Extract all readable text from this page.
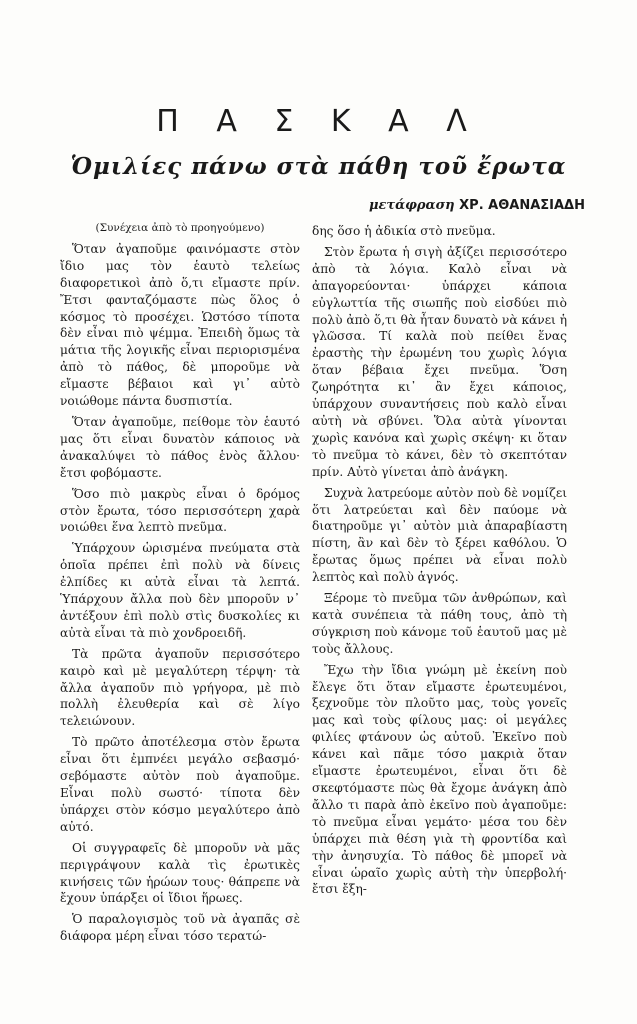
Π Α Σ Κ Α Λ
Ὁμιλίες πάνω στὰ πάθη τοῦ ἔρωτα
μετάφραση ΧΡ. ΑΘΑΝΑΣΙΑΔΗ

(Συνέχεια ἀπὸ τὸ προηγούμενο)

Ὅταν ἀγαποῦμε φαινόμαστε στὸν ἴδιο μας τὸν ἑαυτὸ τελείως διαφορετικοὶ ἀπὸ ὅ,τι εἴμαστε πρίν. Ἔτσι φανταζόμαστε πὼς ὅλος ὁ κόσμος τὸ προσέχει. Ὡστόσο τίποτα δὲν εἶναι πιὸ ψέμμα. Ἐπειδὴ ὅμως τὰ μάτια τῆς λογικῆς εἶναι περιορισμένα ἀπὸ τὸ πάθος, δὲ μποροῦμε νὰ εἴμαστε βέβαιοι καὶ γι᾽ αὐτὸ νοιώθομε πάντα δυσπιστία.

Ὅταν ἀγαποῦμε, πείθομε τὸν ἑαυτό μας ὅτι εἶναι δυνατὸν κάποιος νὰ ἀνακαλύψει τὸ πάθος ἑνὸς ἄλλου· ἔτσι φοβόμαστε.

Ὅσο πιὸ μακρὺς εἶναι ὁ δρόμος στὸν ἔρωτα, τόσο περισσότερη χαρὰ νοιώθει ἕνα λεπτὸ πνεῦμα.

Ὑπάρχουν ὡρισμένα πνεύματα στὰ ὁποῖα πρέπει ἐπὶ πολὺ νὰ δίνεις ἐλπίδες κι αὐτὰ εἶναι τὰ λεπτά. Ὑπάρχουν ἄλλα ποὺ δὲν μποροῦν ν᾽ ἀντέξουν ἐπὶ πολὺ στὶς δυσκολίες κι αὐτὰ εἶναι τὰ πιὸ χονδροειδῆ.

Τὰ πρῶτα ἀγαποῦν περισσότερο καιρὸ καὶ μὲ μεγαλύτερη τέρψη· τὰ ἄλλα ἀγαποῦν πιὸ γρήγορα, μὲ πιὸ πολλὴ ἐλευθερία καὶ σὲ λίγο τελειώνουν.

Τὸ πρῶτο ἀποτέλεσμα στὸν ἔρωτα εἶναι ὅτι ἐμπνέει μεγάλο σεβασμό· σεβόμαστε αὐτὸν ποὺ ἀγαποῦμε. Εἶναι πολὺ σωστό· τίποτα δὲν ὑπάρχει στὸν κόσμο μεγαλύτερο ἀπὸ αὐτό.

Οἱ συγγραφεῖς δὲ μποροῦν νὰ μᾶς περιγράψουν καλὰ τὶς ἐρωτικὲς κινήσεις τῶν ἡρώων τους· θάπρεπε νὰ ἔχουν ὑπάρξει οἱ ἴδιοι ἥρωες.

Ὁ παραλογισμὸς τοῦ νὰ ἀγαπᾶς σὲ διάφορα μέρη εἶναι τόσο τερατώ-

δης ὅσο ἡ ἀδικία στὸ πνεῦμα.

Στὸν ἔρωτα ἡ σιγὴ ἀξίζει περισσότερο ἀπὸ τὰ λόγια. Καλὸ εἶναι νὰ ἀπαγορεύονται· ὑπάρχει κάποια εὐγλωττία τῆς σιωπῆς ποὺ εἰσδύει πιὸ πολὺ ἀπὸ ὅ,τι θὰ ἦταν δυνατὸ νὰ κάνει ἡ γλῶσσα. Τί καλὰ ποὺ πείθει ἕνας ἐραστὴς τὴν ἐρωμένη του χωρὶς λόγια ὅταν βέβαια ἔχει πνεῦμα. Ὅση ζωηρότητα κι᾽ ἂν ἔχει κάποιος, ὑπάρχουν συναντήσεις ποὺ καλὸ εἶναι αὐτὴ νὰ σβύνει. Ὅλα αὐτὰ γίνονται χωρὶς κανόνα καὶ χωρὶς σκέψη· κι ὅταν τὸ πνεῦμα τὸ κάνει, δὲν τὸ σκεπτόταν πρίν. Αὐτὸ γίνεται ἀπὸ ἀνάγκη.

Συχνὰ λατρεύομε αὐτὸν ποὺ δὲ νομίζει ὅτι λατρεύεται καὶ δὲν παύομε νὰ διατηροῦμε γι᾽ αὐτὸν μιὰ ἀπαραβίαστη πίστη, ἂν καὶ δὲν τὸ ξέρει καθόλου. Ὁ ἔρωτας ὅμως πρέπει νὰ εἶναι πολὺ λεπτὸς καὶ πολὺ ἁγνός.

Ξέρομε τὸ πνεῦμα τῶν ἀνθρώπων, καὶ κατὰ συνέπεια τὰ πάθη τους, ἀπὸ τὴ σύγκριση ποὺ κάνομε τοῦ ἑαυτοῦ μας μὲ τοὺς ἄλλους.

Ἔχω τὴν ἴδια γνώμη μὲ ἐκείνη ποὺ ἔλεγε ὅτι ὅταν εἴμαστε ἐρωτευμένοι, ξεχνοῦμε τὸν πλοῦτο μας, τοὺς γονεῖς μας καὶ τοὺς φίλους μας: οἱ μεγάλες φιλίες φτάνουν ὡς αὐτοῦ. Ἐκεῖνο ποὺ κάνει καὶ πᾶμε τόσο μακριὰ ὅταν εἴμαστε ἐρωτευμένοι, εἶναι ὅτι δὲ σκεφτόμαστε πὼς θὰ ἔχομε ἀνάγκη ἀπὸ ἄλλο τι παρὰ ἀπὸ ἐκεῖνο ποὺ ἀγαποῦμε: τὸ πνεῦμα εἶναι γεμάτο· μέσα του δὲν ὑπάρχει πιὰ θέση γιὰ τὴ φροντίδα καὶ τὴν ἀνησυχία. Τὸ πάθος δὲ μπορεῖ νὰ εἶναι ὡραῖο χωρὶς αὐτὴ τὴν ὑπερβολή· ἔτσι ἔξη-
